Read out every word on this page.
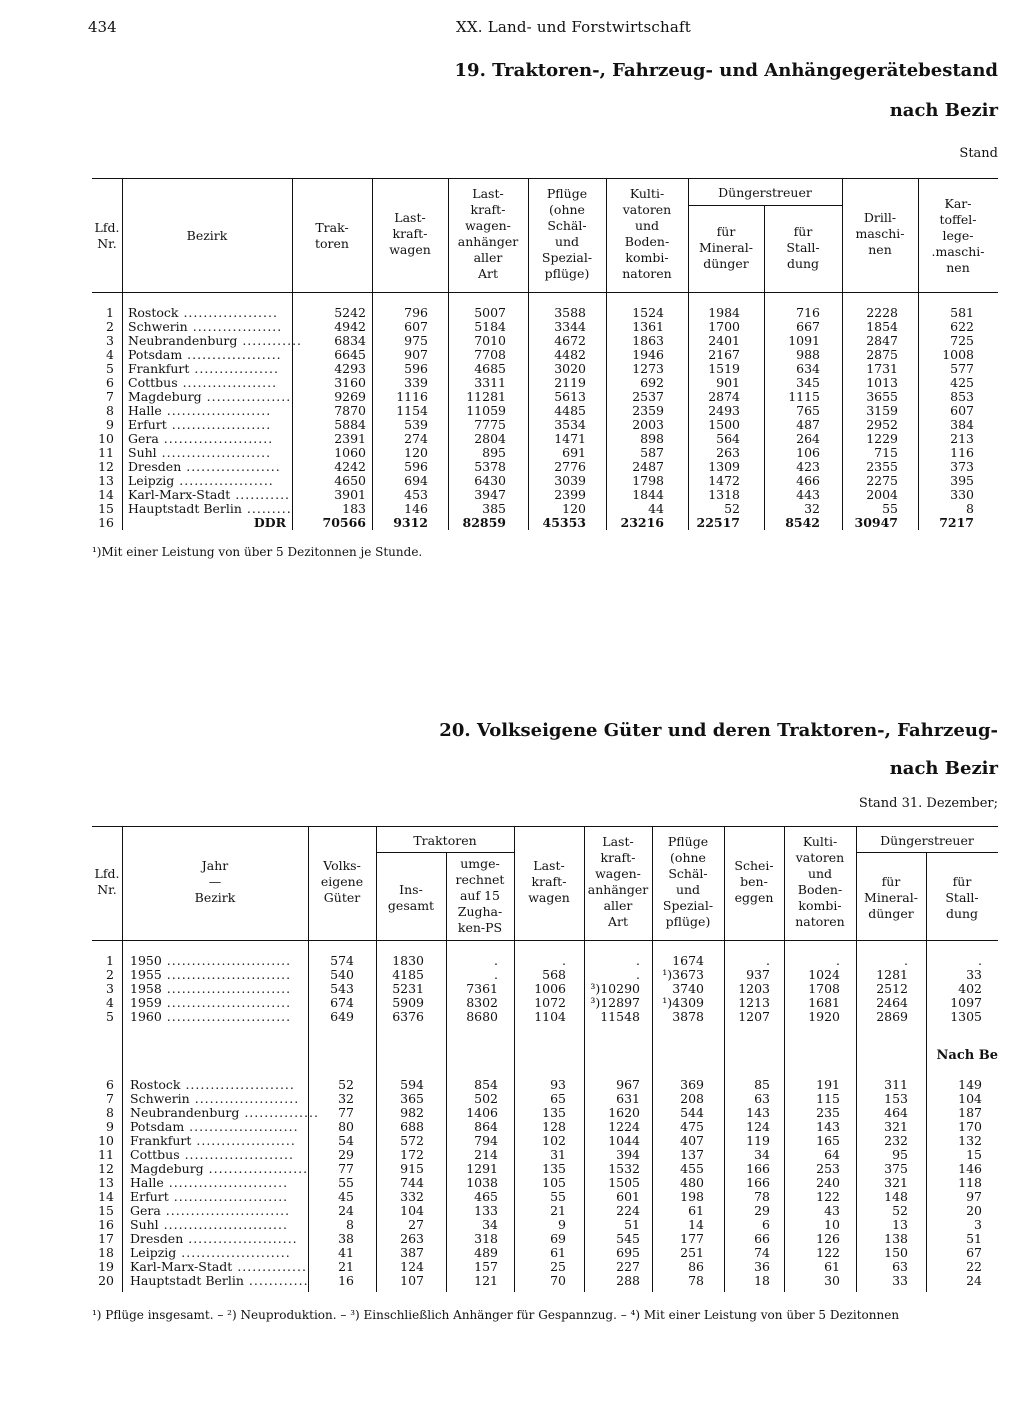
434	XX. Land- und Forstwirtschaft
19. Traktoren-, Fahrzeug- und Anhängegerätebestand
nach Bezir
Stand
Lfd.
Nr.
Bezirk
Trak-
toren
Last-
kraft-
wagen
Last-
kraft-
wagen-
anhänger
aller
Art
Pflüge
(ohne
Schäl-
und
Spezial-
pflüge)
Kulti-
vatoren
und
Boden-
kombi-
natoren
Düngerstreuer
für
Mineral-
dünger
für
Stall-
dung
Drill-
maschi-
nen
Kar-
toffel-
lege-
.maschi-
nen
1 Rostock ...................	5242	796	5007	3588	1524	1984	716	2228	581
2 Schwerin ..................	4942	607	5184	3344	1361	1700	667	1854	622
3 Neubrandenburg ............	6834	975	7010	4672	1863	2401	1091	2847	725
4 Potsdam ...................	6645	907	7708	4482	1946	2167	988	2875	1008
5 Frankfurt .................	4293	596	4685	3020	1273	1519	634	1731	577
6 Cottbus ...................	3160	339	3311	2119	692	901	345	1013	425
7 Magdeburg .................	9269	1116	11281	5613	2537	2874	1115	3655	853
8 Halle .....................	7870	1154	11059	4485	2359	2493	765	3159	607
9 Erfurt ....................	5884	539	7775	3534	2003	1500	487	2952	384
10 Gera ......................	2391	274	2804	1471	898	564	264	1229	213
11 Suhl ......................	1060	120	895	691	587	263	106	715	116
12 Dresden ...................	4242	596	5378	2776	2487	1309	423	2355	373
13 Leipzig ...................	4650	694	6430	3039	1798	1472	466	2275	395
14 Karl-Marx-Stadt ...........	3901	453	3947	2399	1844	1318	443	2004	330
15 Hauptstadt Berlin .........	183	146	385	120	44	52	32	55	8
16	DDR	70566	9312	82859	45353	23216	22517	8542	30947	7217
¹)Mit einer Leistung von über 5 Dezitonnen je Stunde.
20. Volkseigene Güter und deren Traktoren-, Fahrzeug-
nach Bezir
Stand 31. Dezember;
Lfd.
Nr.
Jahr
—
Bezirk
Volks-
eigene
Güter
Traktoren
Ins-
gesamt
umge-
rechnet
auf 15
Zugha-
ken-PS
Last-
kraft-
wagen
Last-
kraft-
wagen-
anhänger
aller
Art
Pflüge
(ohne
Schäl-
und
Spezial-
pflüge)
Schei-
ben-
eggen
Kulti-
vatoren
und
Boden-
kombi-
natoren
Düngerstreuer
für
Mineral-
dünger
für
Stall-
dung
1 1950 .........................	574	1830	.	.	.	1674	.	.	.	.
2 1955 .........................	540	4185	.	568	.	¹)3673	937	1024	1281	33
3 1958 .........................	543	5231	7361	1006	³)10290	3740	1203	1708	2512	402
4 1959 .........................	674	5909	8302	1072	³)12897	¹)4309	1213	1681	2464	1097
5 1960 .........................	649	6376	8680	1104	11548	3878	1207	1920	2869	1305
6 Rostock ......................	52	594	854	93	967	369	85	191	311	149
7 Schwerin .....................	32	365	502	65	631	208	63	115	153	104
8 Neubrandenburg ...............	77	982	1406	135	1620	544	143	235	464	187
9 Potsdam ......................	80	688	864	128	1224	475	124	143	321	170
10 Frankfurt ....................	54	572	794	102	1044	407	119	165	232	132
11 Cottbus ......................	29	172	214	31	394	137	34	64	95	15
12 Magdeburg ....................	77	915	1291	135	1532	455	166	253	375	146
13 Halle ........................	55	744	1038	105	1505	480	166	240	321	118
14 Erfurt .......................	45	332	465	55	601	198	78	122	148	97
15 Gera .........................	24	104	133	21	224	61	29	43	52	20
16 Suhl .........................	8	27	34	9	51	14	6	10	13	3
17 Dresden ......................	38	263	318	69	545	177	66	126	138	51
18 Leipzig ......................	41	387	489	61	695	251	74	122	150	67
19 Karl-Marx-Stadt ..............	21	124	157	25	227	86	36	61	63	22
20 Hauptstadt Berlin ............	16	107	121	70	288	78	18	30	33	24
Nach Be
¹) Pflüge insgesamt. – ²) Neuproduktion. – ³) Einschließlich Anhänger für Gespannzug. – ⁴) Mit einer Leistung von über 5 Dezitonnen
